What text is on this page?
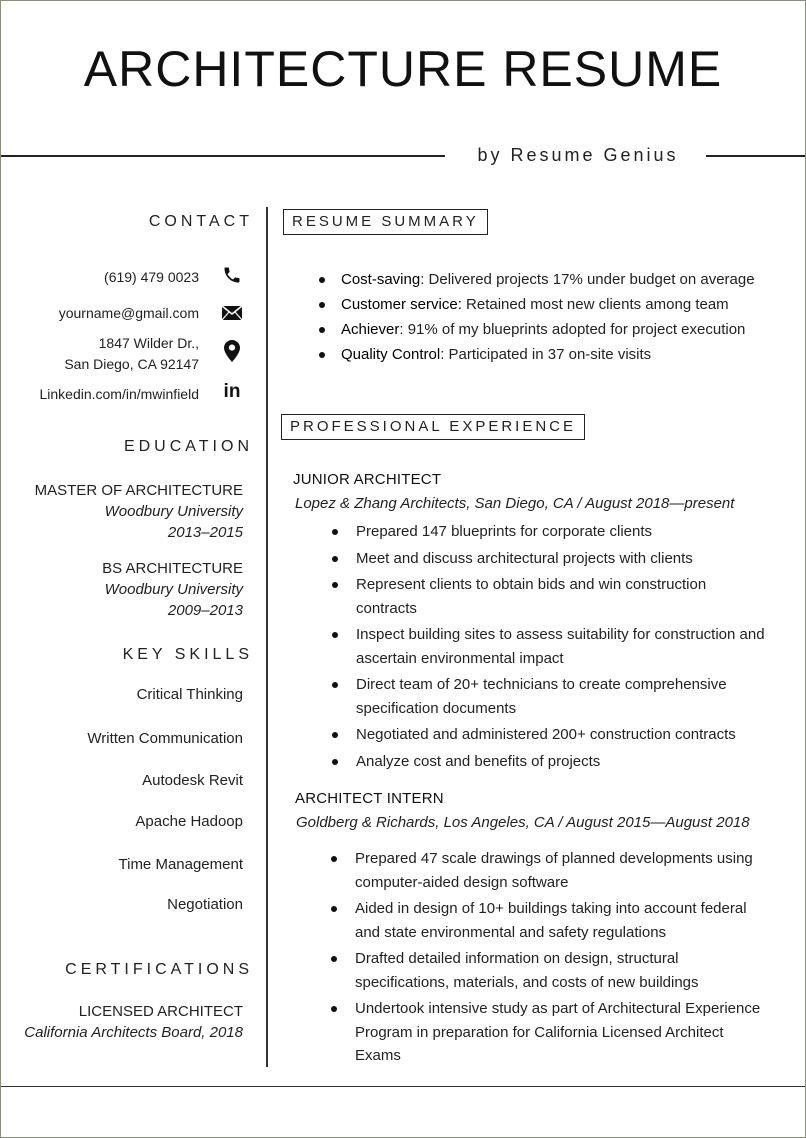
ARCHITECTURE RESUME
by Resume Genius
CONTACT
(619) 479 0023
yourname@gmail.com
1847 Wilder Dr.,
San Diego, CA 92147
Linkedin.com/in/mwinfield in
EDUCATION
MASTER OF ARCHITECTURE
Woodbury University
2013–2015
BS ARCHITECTURE
Woodbury University
2009–2013
KEY SKILLS
Critical Thinking
Written Communication
Autodesk Revit
Apache Hadoop
Time Management
Negotiation
CERTIFICATIONS
LICENSED ARCHITECT
California Architects Board, 2018
RESUME SUMMARY
Cost-saving: Delivered projects 17% under budget on average
Customer service: Retained most new clients among team
Achiever: 91% of my blueprints adopted for project execution
Quality Control: Participated in 37 on-site visits
PROFESSIONAL EXPERIENCE
JUNIOR ARCHITECT
Lopez & Zhang Architects, San Diego, CA / August 2018—present
Prepared 147 blueprints for corporate clients
Meet and discuss architectural projects with clients
Represent clients to obtain bids and win construction contracts
Inspect building sites to assess suitability for construction and ascertain environmental impact
Direct team of 20+ technicians to create comprehensive specification documents
Negotiated and administered 200+ construction contracts
Analyze cost and benefits of projects
ARCHITECT INTERN
Goldberg & Richards, Los Angeles, CA / August 2015—August 2018
Prepared 47 scale drawings of planned developments using computer-aided design software
Aided in design of 10+ buildings taking into account federal and state environmental and safety regulations
Drafted detailed information on design, structural specifications, materials, and costs of new buildings
Undertook intensive study as part of Architectural Experience Program in preparation for California Licensed Architect Exams
